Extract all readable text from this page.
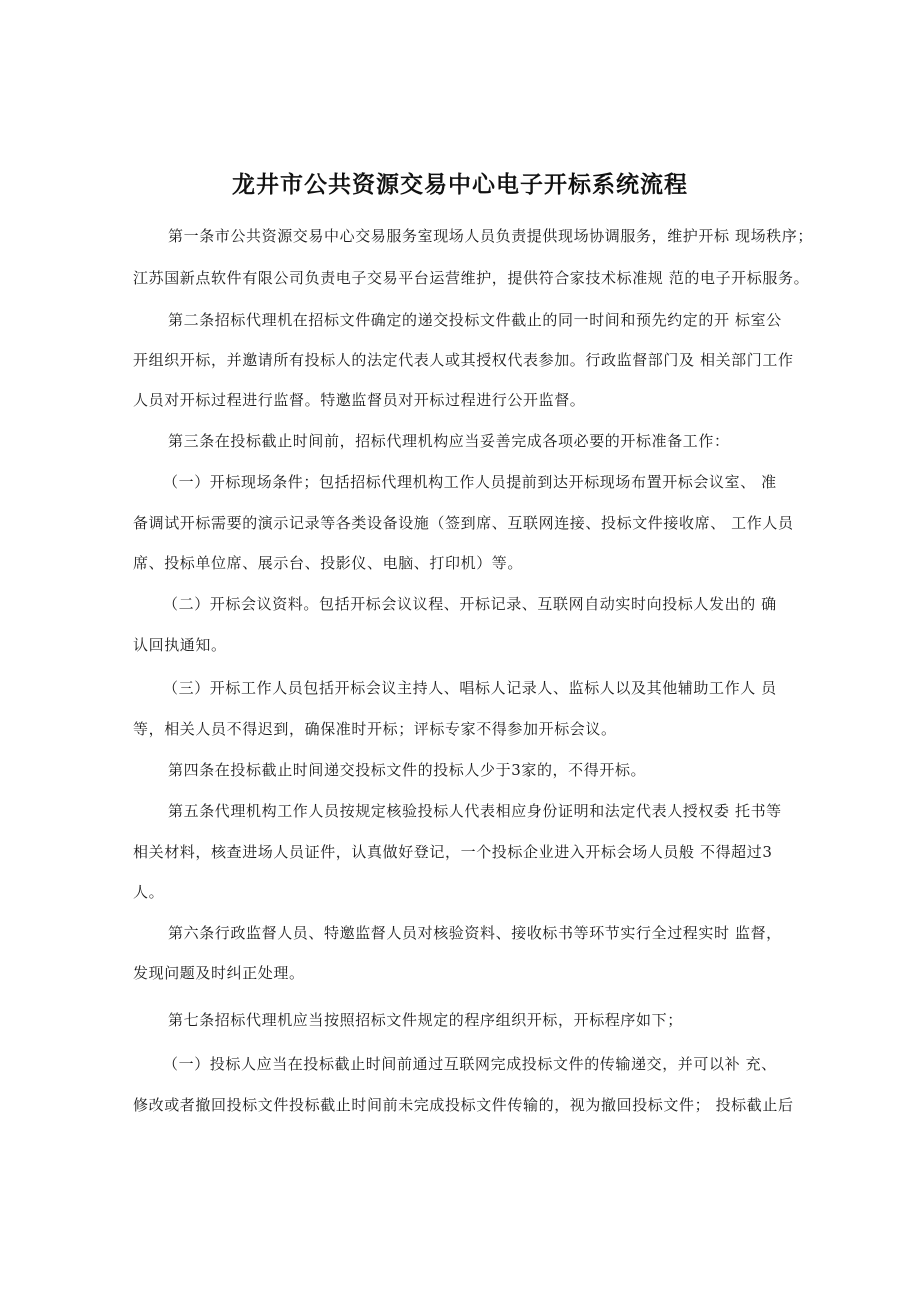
龙井市公共资源交易中心电子开标系统流程

第一条市公共资源交易中心交易服务室现场人员负责提供现场协调服务，维护开标 现场秩序；

江苏国新点软件有限公司负责电子交易平台运营维护，提供符合家技术标准规 范的电子开标服务。

第二条招标代理机在招标文件确定的递交投标文件截止的同一时间和预先约定的开 标室公

开组织开标，并邀请所有投标人的法定代表人或其授权代表参加。行政监督部门及 相关部门工作

人员对开标过程进行监督。特邀监督员对开标过程进行公开监督。

第三条在投标截止时间前，招标代理机构应当妥善完成各项必要的开标准备工作：

（一）开标现场条件；包括招标代理机构工作人员提前到达开标现场布置开标会议室、 准

备调试开标需要的演示记录等各类设备设施（签到席、互联网连接、投标文件接收席、 工作人员

席、投标单位席、展示台、投影仪、电脑、打印机）等。

（二）开标会议资料。包括开标会议议程、开标记录、互联网自动实时向投标人发出的 确

认回执通知。

（三）开标工作人员包括开标会议主持人、唱标人记录人、监标人以及其他辅助工作人 员

等，相关人员不得迟到，确保准时开标；评标专家不得参加开标会议。

第四条在投标截止时间递交投标文件的投标人少于3家的，不得开标。

第五条代理机构工作人员按规定核验投标人代表相应身份证明和法定代表人授权委 托书等

相关材料，核查进场人员证件，认真做好登记，一个投标企业进入开标会场人员般 不得超过3

人。

第六条行政监督人员、特邀监督人员对核验资料、接收标书等环节实行全过程实时 监督，

发现问题及时纠正处理。

第七条招标代理机应当按照招标文件规定的程序组织开标，开标程序如下；

（一）投标人应当在投标截止时间前通过互联网完成投标文件的传输递交，并可以补 充、

修改或者撤回投标文件投标截止时间前未完成投标文件传输的，视为撤回投标文件； 投标截止后
